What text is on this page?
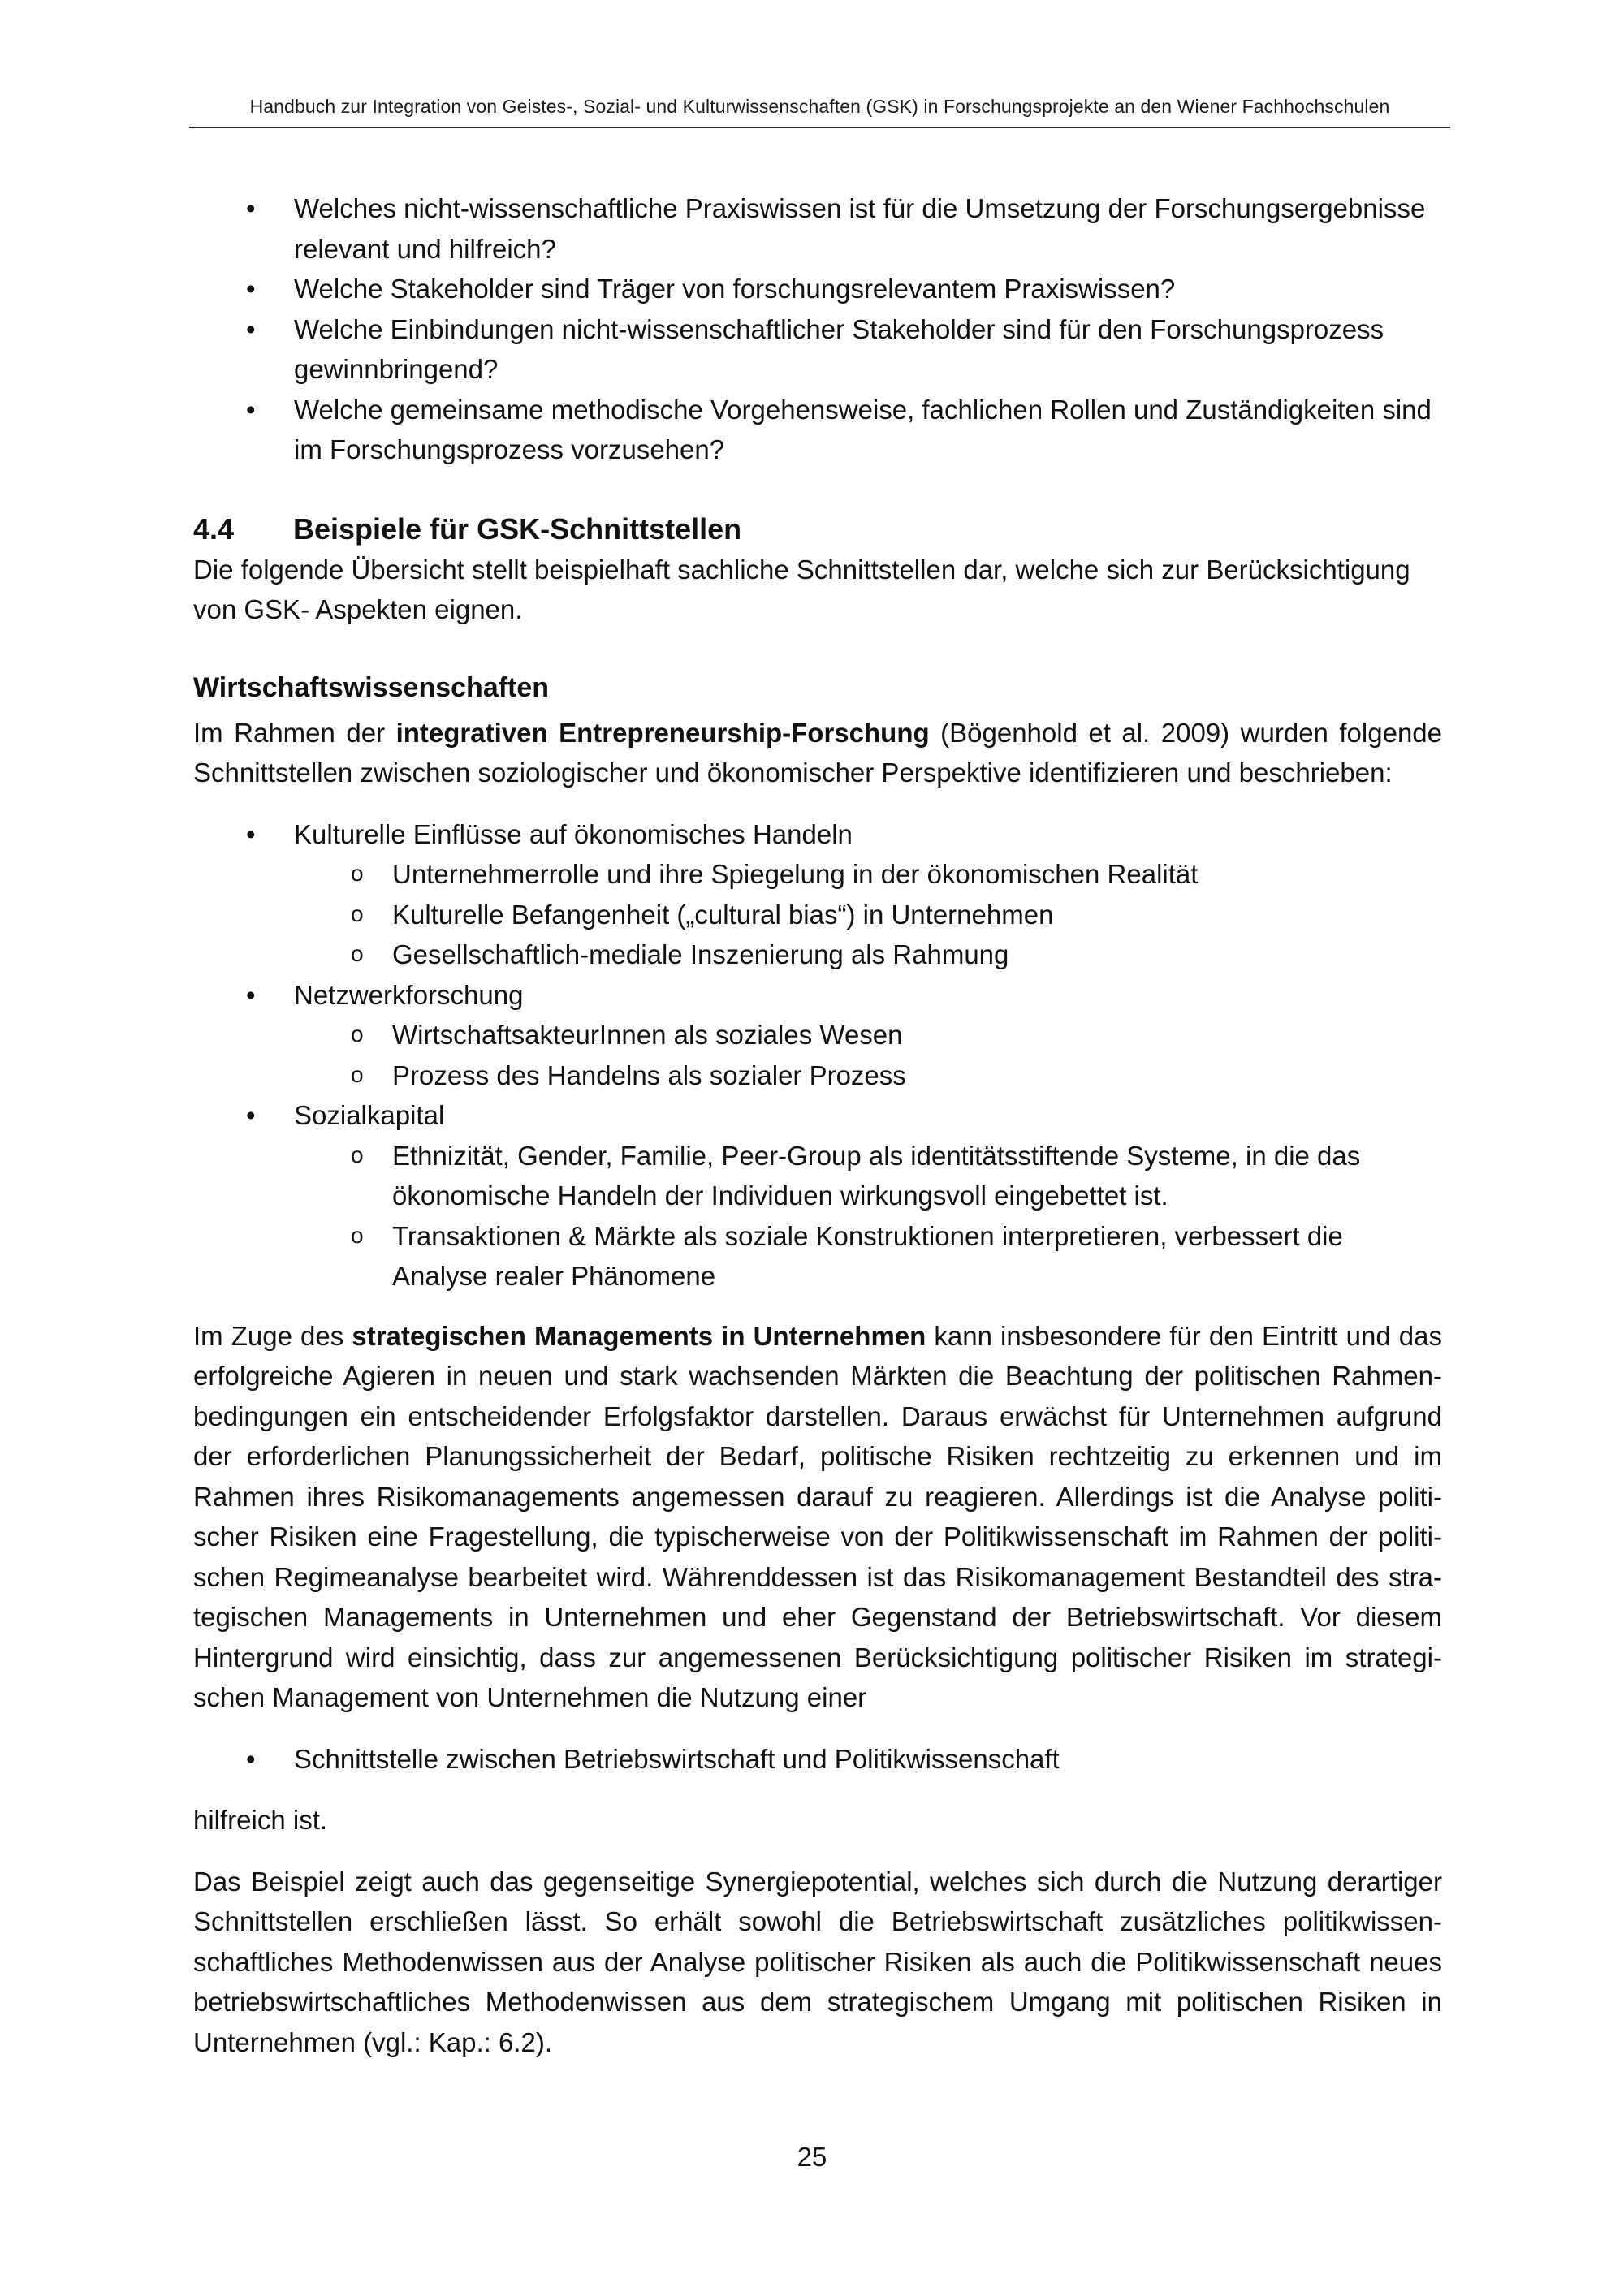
Handbuch zur Integration von Geistes-, Sozial- und Kulturwissenschaften (GSK) in Forschungsprojekte an den Wiener Fachhochschulen
• Welches nicht-wissenschaftliche Praxiswissen ist für die Umsetzung der Forschungsergebnisse relevant und hilfreich?
• Welche Stakeholder sind Träger von forschungsrelevantem Praxiswissen?
• Welche Einbindungen nicht-wissenschaftlicher Stakeholder sind für den Forschungsprozess gewinnbringend?
• Welche gemeinsame methodische Vorgehensweise, fachlichen Rollen und Zuständigkeiten sind im Forschungsprozess vorzusehen?
4.4	Beispiele für GSK-Schnittstellen

Die folgende Übersicht stellt beispielhaft sachliche Schnittstellen dar, welche sich zur Berücksichtigung von GSK- Aspekten eignen.

Wirtschaftswissenschaften

Im Rahmen der integrativen Entrepreneurship-Forschung (Bögenhold et al. 2009) wurden folgende Schnittstellen zwischen soziologischer und ökonomischer Perspektive identifizieren und beschrieben:

• Kulturelle Einflüsse auf ökonomisches Handeln
o Unternehmerrolle und ihre Spiegelung in der ökonomischen Realität
o Kulturelle Befangenheit („cultural bias“) in Unternehmen
o Gesellschaftlich-mediale Inszenierung als Rahmung
• Netzwerkforschung
o WirtschaftsakteurInnen als soziales Wesen
o Prozess des Handelns als sozialer Prozess
• Sozialkapital
o Ethnizität, Gender, Familie, Peer-Group als identitätsstiftende Systeme, in die das ökonomische Handeln der Individuen wirkungsvoll eingebettet ist.
o Transaktionen & Märkte als soziale Konstruktionen interpretieren, verbessert die Analyse realer Phänomene

Im Zuge des strategischen Managements in Unternehmen kann insbesondere für den Eintritt und das erfolgreiche Agieren in neuen und stark wachsenden Märkten die Beachtung der politischen Rahmenbedingungen ein entscheidender Erfolgsfaktor darstellen. Daraus erwächst für Unternehmen aufgrund der erforderlichen Planungssicherheit der Bedarf, politische Risiken rechtzeitig zu erkennen und im Rahmen ihres Risikomanagements angemessen darauf zu reagieren. Allerdings ist die Analyse politischer Risiken eine Fragestellung, die typischerweise von der Politikwissenschaft im Rahmen der politischen Regimeanalyse bearbeitet wird. Währenddessen ist das Risikomanagement Bestandteil des strategischen Managements in Unternehmen und eher Gegenstand der Betriebswirtschaft. Vor diesem Hintergrund wird einsichtig, dass zur angemessenen Berücksichtigung politischer Risiken im strategischen Management von Unternehmen die Nutzung einer

• Schnittstelle zwischen Betriebswirtschaft und Politikwissenschaft

hilfreich ist.

Das Beispiel zeigt auch das gegenseitige Synergiepotential, welches sich durch die Nutzung derartiger Schnittstellen erschließen lässt. So erhält sowohl die Betriebswirtschaft zusätzliches politikwissenschaftliches Methodenwissen aus der Analyse politischer Risiken als auch die Politikwissenschaft neues betriebswirtschaftliches Methodenwissen aus dem strategischem Umgang mit politischen Risiken in Unternehmen (vgl.: Kap.: 6.2).

25
